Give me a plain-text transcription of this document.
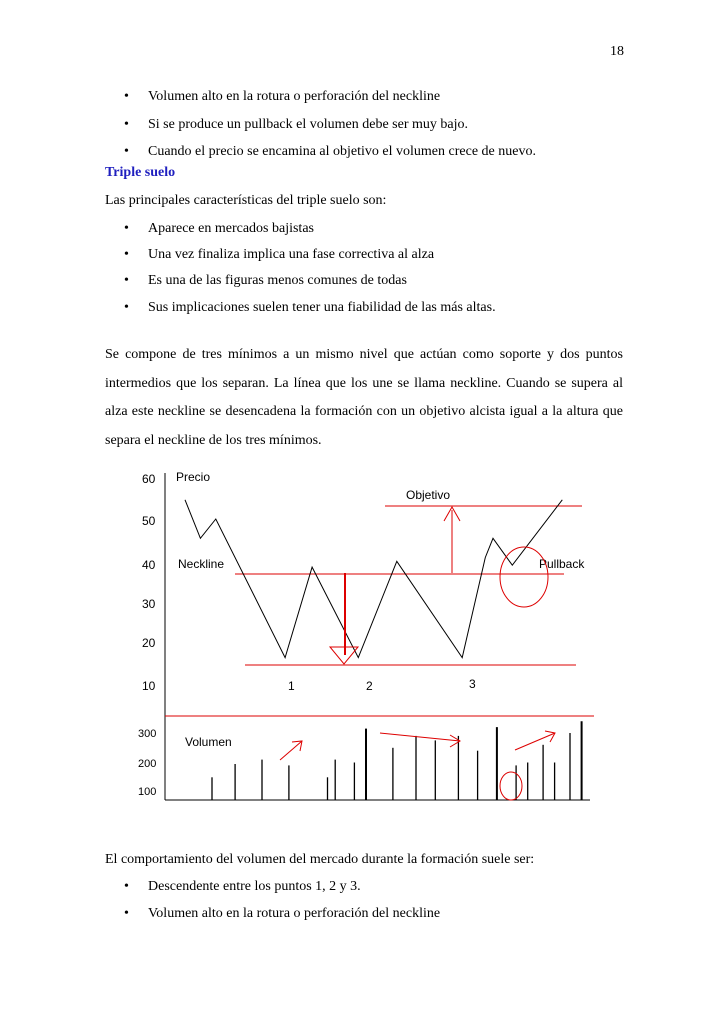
18
• Volumen alto en la rotura o perforación del neckline
• Si se produce un pullback el volumen debe ser muy bajo.
• Cuando el precio se encamina al objetivo el volumen crece de nuevo.
Triple suelo
Las principales características del triple suelo son:
• Aparece en mercados bajistas
• Una vez finaliza implica una fase correctiva al alza
• Es una de las figuras menos comunes de todas
• Sus implicaciones suelen tener una fiabilidad de las más altas.
Se compone de tres mínimos a un mismo nivel que actúan como soporte y dos puntos intermedios que los separan. La línea que los une se llama neckline. Cuando se supera al alza este neckline se desencadena la formación con un objetivo alcista igual a la altura que separa el neckline de los tres mínimos.
60
50
40
30
20
10
Precio
Neckline
Objetivo
Pullback
1	2	3
300
200
100
Volumen
El comportamiento del volumen del mercado durante la formación suele ser:
• Descendente entre los puntos 1, 2 y 3.
• Volumen alto en la rotura o perforación del neckline
